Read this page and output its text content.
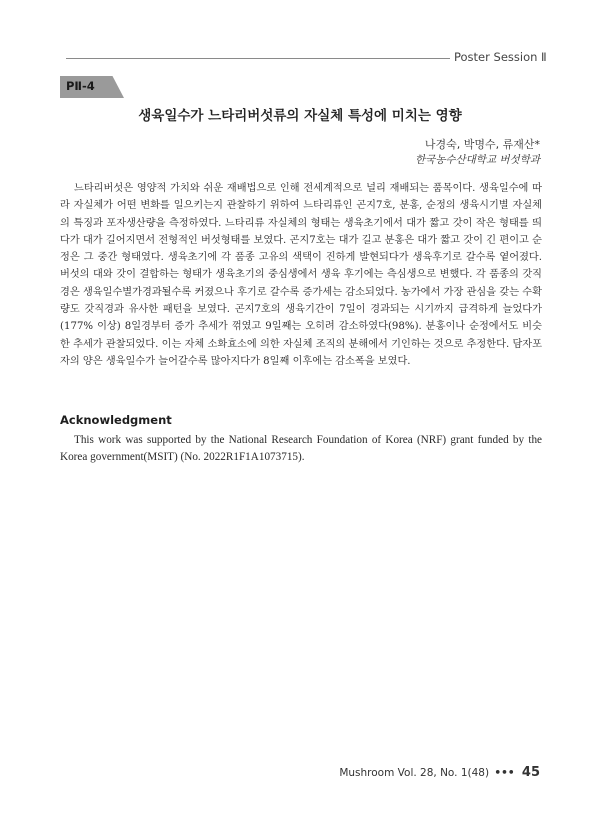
Poster Session Ⅱ
PⅡ-4
생육일수가 느타리버섯류의 자실체 특성에 미치는 영향
나경숙, 박명수, 류재산*
한국농수산대학교 버섯학과

느타리버섯은 영양적 가치와 쉬운 재배법으로 인해 전세계적으로 널리 재배되는 품목이다. 생육일수에 따라 자실체가 어떤 변화를 일으키는지 관찰하기 위하여 느타리류인 곤지7호, 분홍, 순정의 생육시기별 자실체의 특징과 포자생산량을 측정하였다. 느타리류 자실체의 형태는 생육초기에서 대가 짧고 갓이 작은 형태를 띄다가 대가 길어지면서 전형적인 버섯형태를 보였다. 곤지7호는 대가 길고 분홍은 대가 짧고 갓이 긴 편이고 순정은 그 중간 형태였다. 생육초기에 각 품종 고유의 색택이 진하게 발현되다가 생육후기로 갈수록 옅어졌다. 버섯의 대와 갓이 결합하는 형태가 생육초기의 중심생에서 생육 후기에는 측심생으로 변했다. 각 품종의 갓직경은 생육일수별가경과될수록 커졌으나 후기로 갈수록 증가세는 감소되었다. 농가에서 가장 관심을 갖는 수확량도 갓직경과 유사한 패턴을 보였다. 곤지7호의 생육기간이 7일이 경과되는 시기까지 급격하게 늘었다가(177% 이상) 8일경부터 증가 추세가 꺾였고 9일째는 오히려 감소하였다(98%). 분홍이나 순정에서도 비슷한 추세가 관찰되었다. 이는 자체 소화효소에 의한 자실체 조직의 분해에서 기인하는 것으로 추정한다. 담자포자의 양은 생육일수가 늘어갈수록 많아지다가 8일째 이후에는 감소폭을 보였다.

Acknowledgment

This work was supported by the National Research Foundation of Korea (NRF) grant funded by the Korea government(MSIT) (No. 2022R1F1A1073715).

Mushroom Vol. 28, No. 1(48) ••• 45
